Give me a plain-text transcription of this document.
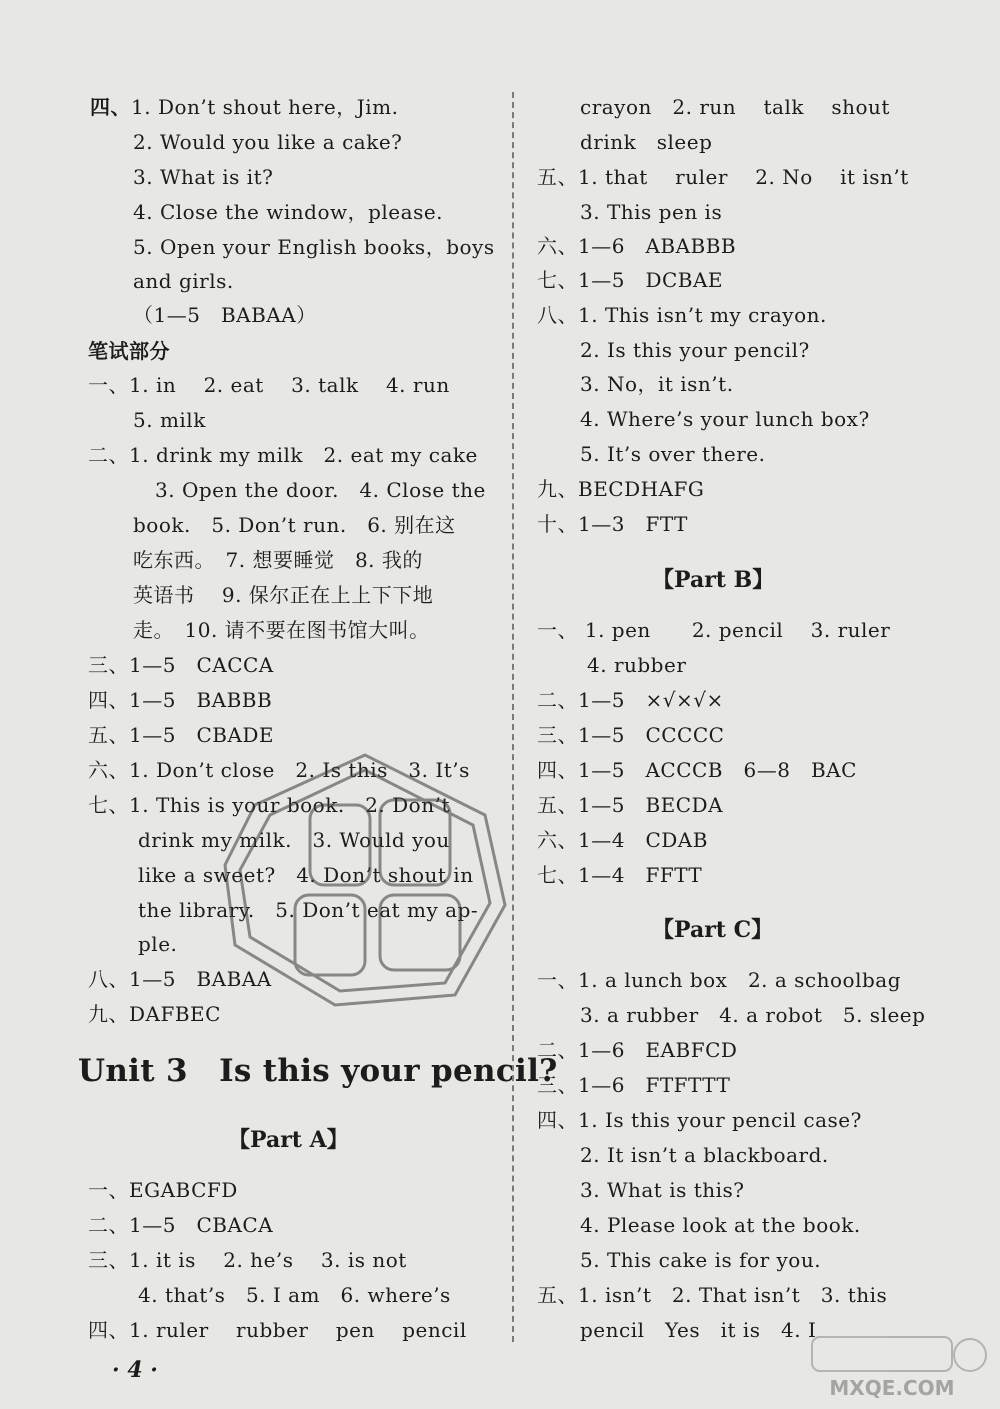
四、1. Don’t shout here，Jim.
2. Would you like a cake?
3. What is it?
4. Close the window，please.
5. Open your English books，boys
and girls.
（1—5　BABAA）
笔试部分
一、1. in　 2. eat　 3. talk　 4. run
5. milk
二、1. drink my milk　2. eat my cake
3. Open the door.　4. Close the
book.　5. Don’t run.　6. 别在这
吃东西。　7. 想要睡觉　8. 我的
英语书　 9. 保尔正在上上下下地
走。　10. 请不要在图书馆大叫。
三、1—5　CACCA
四、1—5　BABBB
五、1—5　CBADE
六、1. Don’t close　2. Is this　3. It’s
七、1. This is your book.　2. Don’t
drink my milk.　3. Would you
like a sweet?　4. Don’t shout in
the library.　5. Don’t eat my ap-
ple.
八、1—5　BABAA
九、DAFBEC
Unit 3　Is this your pencil?
【Part A】
一、EGABCFD
二、1—5　CBACA
三、1. it is　 2. he’s　 3. is not
4. that’s　5. I am　6. where’s
四、1. ruler　 rubber　 pen　 pencil
· 4 ·
crayon　2. run　 talk　 shout
drink　sleep
五、1. that　 ruler　 2. No　 it isn’t
3. This pen is
六、1—6　ABABBB
七、1—5　DCBAE
八、1. This isn’t my crayon.
2. Is this your pencil?
3. No，it isn’t.
4. Where’s your lunch box?
5. It’s over there.
九、BECDHAFG
十、1—3　FTT
【Part B】
一、 1. pen　　2. pencil　 3. ruler
4. rubber
二、1—5　×√×√×
三、1—5　CCCCC
四、1—5　ACCCB　6—8　BAC
五、1—5　BECDA
六、1—4　CDAB
七、1—4　FFTT
【Part C】
一、1. a lunch box　2. a schoolbag
3. a rubber　4. a robot　5. sleep
二、1—6　EABFCD
三、1—6　FTFTTT
四、1. Is this your pencil case?
2. It isn’t a blackboard.
3. What is this?
4. Please look at the book.
5. This cake is for you.
五、1. isn’t　2. That isn’t　3. this
pencil　Yes　it is　4. I
MXQE.COM
